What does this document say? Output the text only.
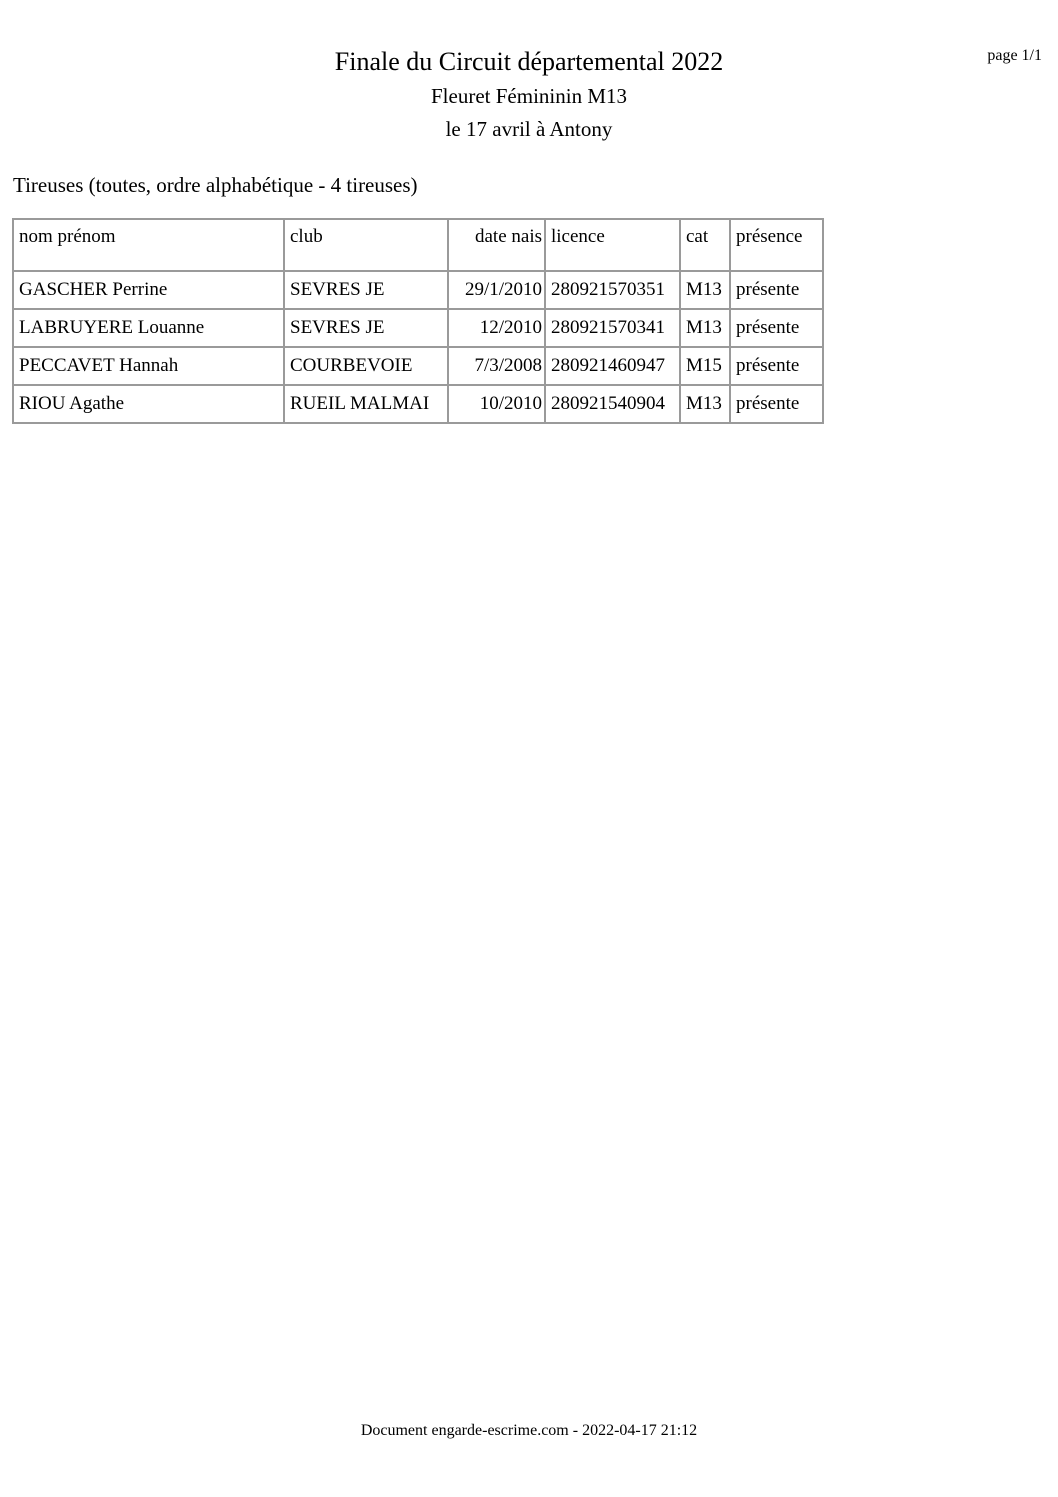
page 1/1
Finale du Circuit départemental 2022
Fleuret Fémininin M13
le 17 avril à Antony
Tireuses (toutes, ordre alphabétique - 4 tireuses)
nom prénom	club	date nais	licence	cat	présence
GASCHER Perrine	SEVRES JE	29/1/2010	280921570351	M13	présente
LABRUYERE Louanne	SEVRES JE	12/2010	280921570341	M13	présente
PECCAVET Hannah	COURBEVOIE	7/3/2008	280921460947	M15	présente
RIOU Agathe	RUEIL MALMAI	10/2010	280921540904	M13	présente
Document engarde-escrime.com - 2022-04-17 21:12
